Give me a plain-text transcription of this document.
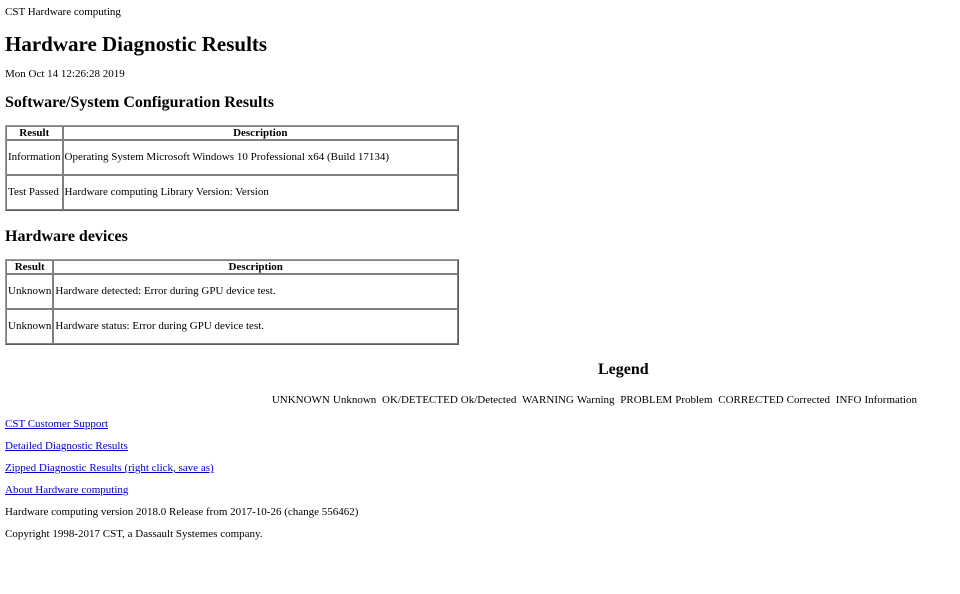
CST Hardware computing
Hardware Diagnostic Results
Mon Oct 14 12:26:28 2019
Software/System Configuration Results
Result	Description
Information	Operating System Microsoft Windows 10 Professional x64 (Build 17134)
Test Passed	Hardware computing Library Version: Version
Hardware devices
Result	Description
Unknown	Hardware detected: Error during GPU device test.
Unknown	Hardware status: Error during GPU device test.
Legend
UNKNOWN Unknown OK/DETECTED Ok/Detected WARNING Warning PROBLEM Problem CORRECTED Corrected INFO Information
CST Customer Support
Detailed Diagnostic Results
Zipped Diagnostic Results (right click, save as)
About Hardware computing
Hardware computing version 2018.0 Release from 2017-10-26 (change 556462)
Copyright 1998-2017 CST, a Dassault Systemes company.
